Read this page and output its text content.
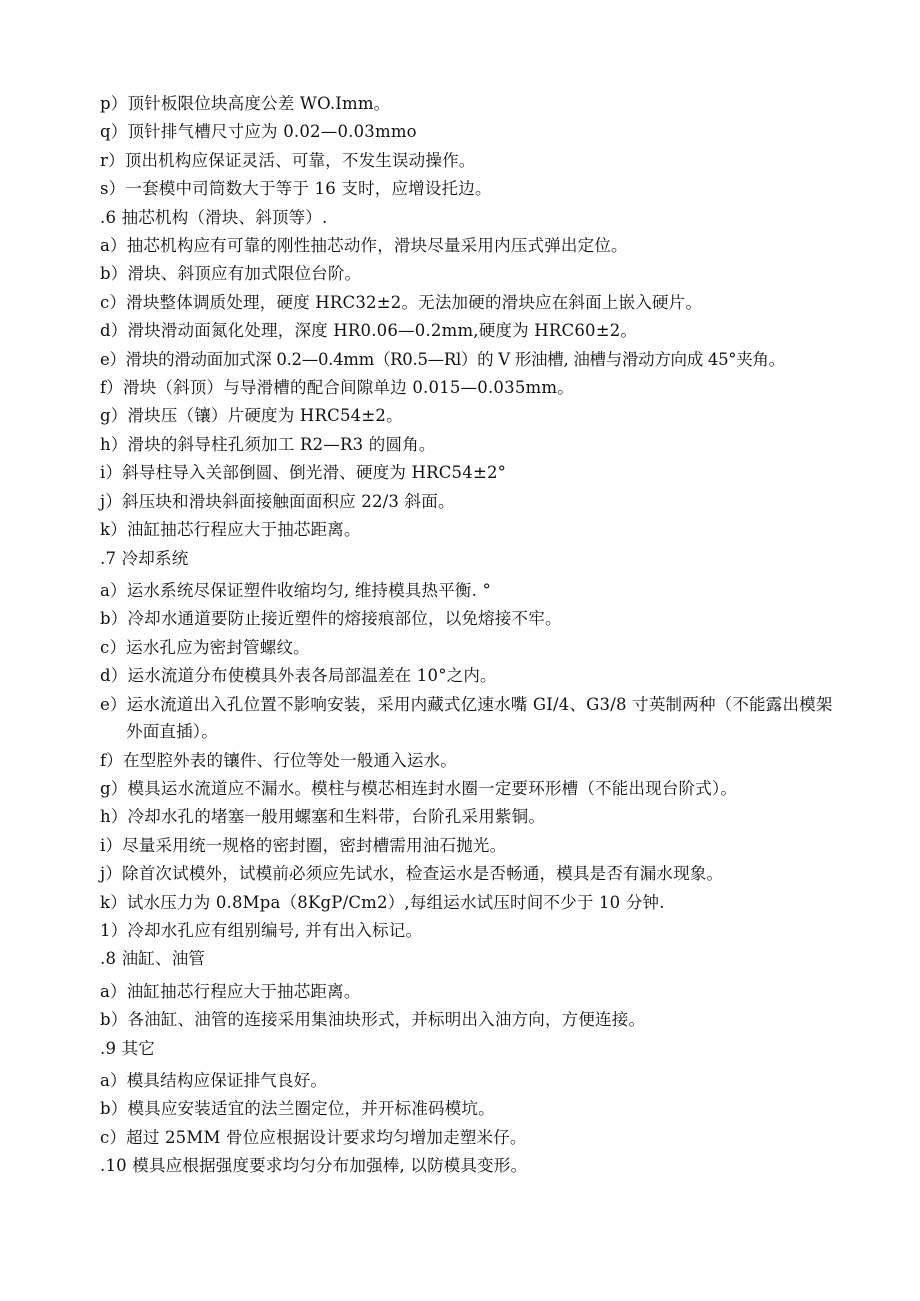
p）顶针板限位块高度公差 WO.Imm。
q）顶针排气槽尺寸应为 0.02—0.03mmo
r）顶出机构应保证灵活、可靠，不发生误动操作。
s）一套模中司筒数大于等于 16 支时，应增设托边。
.6 抽芯机构（滑块、斜顶等）.
a）抽芯机构应有可靠的刚性抽芯动作，滑块尽量采用内压式弹出定位。
b）滑块、斜顶应有加式限位台阶。
c）滑块整体调质处理，硬度 HRC32±2。无法加硬的滑块应在斜面上嵌入硬片。
d）滑块滑动面氮化处理，深度 HR0.06—0.2mm,硬度为 HRC60±2。
e）滑块的滑动面加式深 0.2—0.4mm（R0.5—Rl）的 V 形油槽, 油槽与滑动方向成 45°夹角。
f）滑块（斜顶）与导滑槽的配合间隙单边 0.015—0.035mm。
g）滑块压（镶）片硬度为 HRC54±2。
h）滑块的斜导柱孔须加工 R2—R3 的圆角。
i）斜导柱导入关部倒圆、倒光滑、硬度为 HRC54±2°
j）斜压块和滑块斜面接触面面积应 22/3 斜面。
k）油缸抽芯行程应大于抽芯距离。
.7 冷却系统
a）运水系统尽保证塑件收缩均匀, 维持模具热平衡. °
b）冷却水通道要防止接近塑件的熔接痕部位，以免熔接不牢。
c）运水孔应为密封管螺纹。
d）运水流道分布使模具外表各局部温差在 10°之内。
e）运水流道出入孔位置不影响安装，采用内藏式亿速水嘴 GI/4、G3/8 寸英制两种（不能露出模架外面直插）。
f）在型腔外表的镶件、行位等处一般通入运水。
g）模具运水流道应不漏水。模柱与模芯相连封水圈一定要环形槽（不能出现台阶式）。
h）冷却水孔的堵塞一般用螺塞和生料带，台阶孔采用紫铜。
i）尽量采用统一规格的密封圈，密封槽需用油石抛光。
j）除首次试模外，试模前必须应先试水，检查运水是否畅通，模具是否有漏水现象。
k）试水压力为 0.8Mpa（8KgP/Cm2）,每组运水试压时间不少于 10 分钟.
1）冷却水孔应有组别编号, 并有出入标记。
.8 油缸、油管
a）油缸抽芯行程应大于抽芯距离。
b）各油缸、油管的连接采用集油块形式，并标明出入油方向，方便连接。
.9 其它
a）模具结构应保证排气良好。
b）模具应安装适宜的法兰圈定位，并开标准码模坑。
c）超过 25MM 骨位应根据设计要求均匀增加走塑米仔。
.10 模具应根据强度要求均匀分布加强棒, 以防模具变形。
